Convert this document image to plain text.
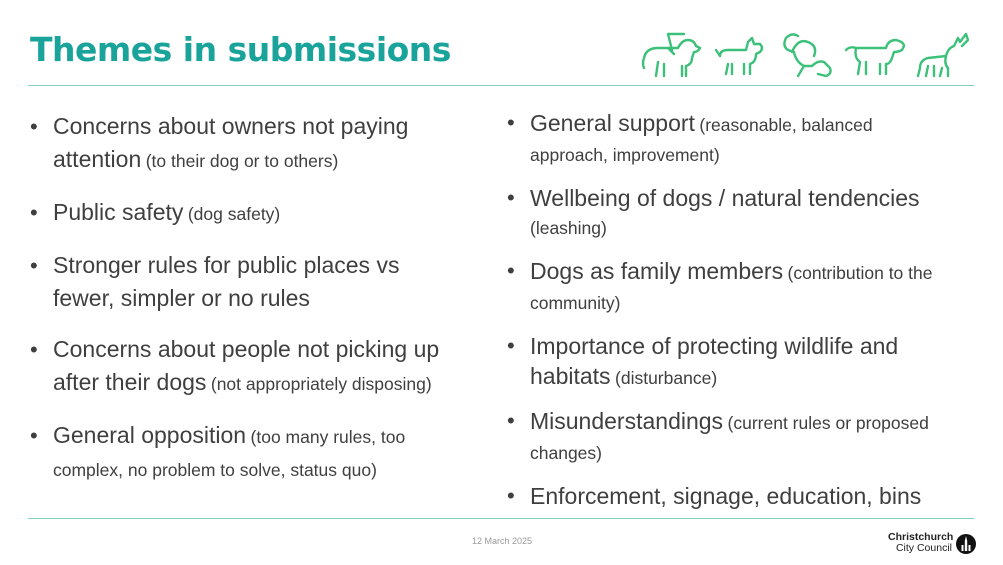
Themes in submissions
• Concerns about owners not paying attention (to their dog or to others)
• Public safety (dog safety)
• Stronger rules for public places vs fewer, simpler or no rules
• Concerns about people not picking up after their dogs (not appropriately disposing)
• General opposition (too many rules, too complex, no problem to solve, status quo)
• General support (reasonable, balanced approach, improvement)
• Wellbeing of dogs / natural tendencies (leashing)
• Dogs as family members (contribution to the community)
• Importance of protecting wildlife and habitats (disturbance)
• Misunderstandings (current rules or proposed changes)
• Enforcement, signage, education, bins
12 March 2025	Christchurch
City Council
